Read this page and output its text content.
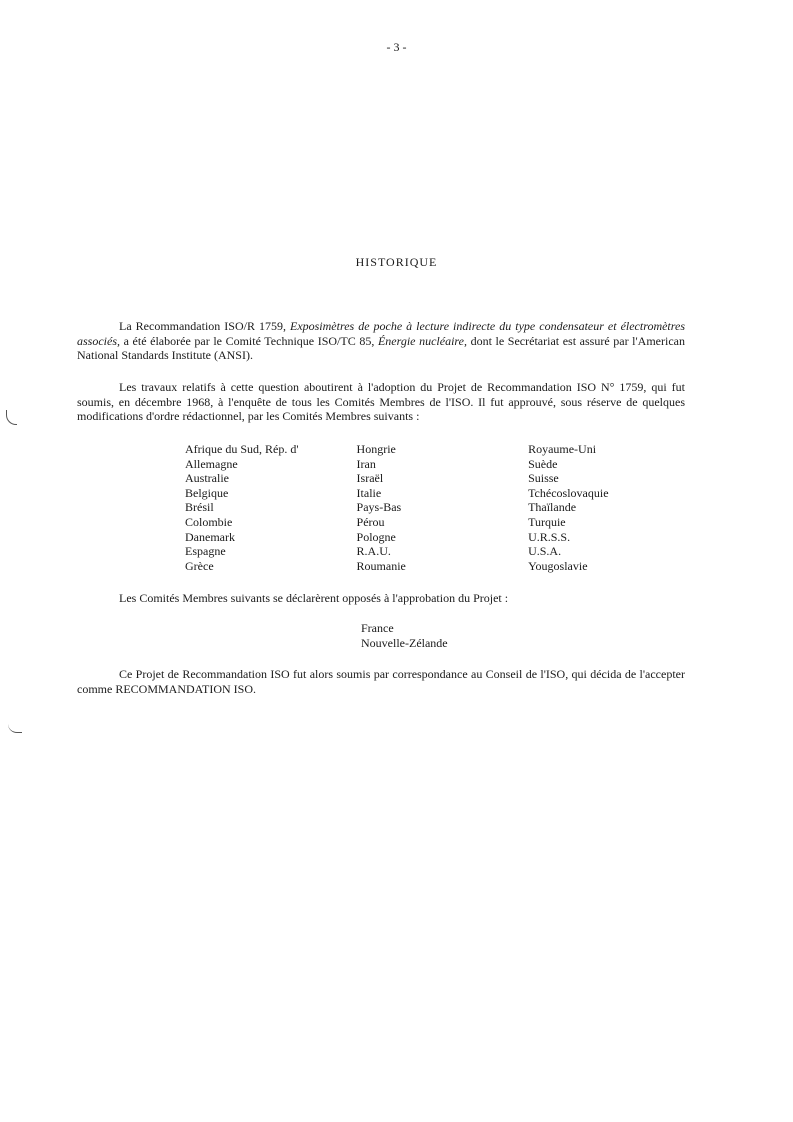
- 3 -
HISTORIQUE

La Recommandation ISO/R 1759, Exposimètres de poche à lecture indirecte du type condensateur et électromètres associés, a été élaborée par le Comité Technique ISO/TC 85, Énergie nucléaire, dont le Secrétariat est assuré par l'American National Standards Institute (ANSI).

Les travaux relatifs à cette question aboutirent à l'adoption du Projet de Recommandation ISO N° 1759, qui fut soumis, en décembre 1968, à l'enquête de tous les Comités Membres de l'ISO. Il fut approuvé, sous réserve de quelques modifications d'ordre rédactionnel, par les Comités Membres suivants :

Afrique du Sud, Rép. d'
Allemagne
Australie
Belgique
Brésil
Colombie
Danemark
Espagne
Grèce
Hongrie
Iran
Israël
Italie
Pays-Bas
Pérou
Pologne
R.A.U.
Roumanie
Royaume-Uni
Suède
Suisse
Tchécoslovaquie
Thaïlande
Turquie
U.R.S.S.
U.S.A.
Yougoslavie

Les Comités Membres suivants se déclarèrent opposés à l'approbation du Projet :

France
Nouvelle-Zélande

Ce Projet de Recommandation ISO fut alors soumis par correspondance au Conseil de l'ISO, qui décida de l'accepter comme RECOMMANDATION ISO.
